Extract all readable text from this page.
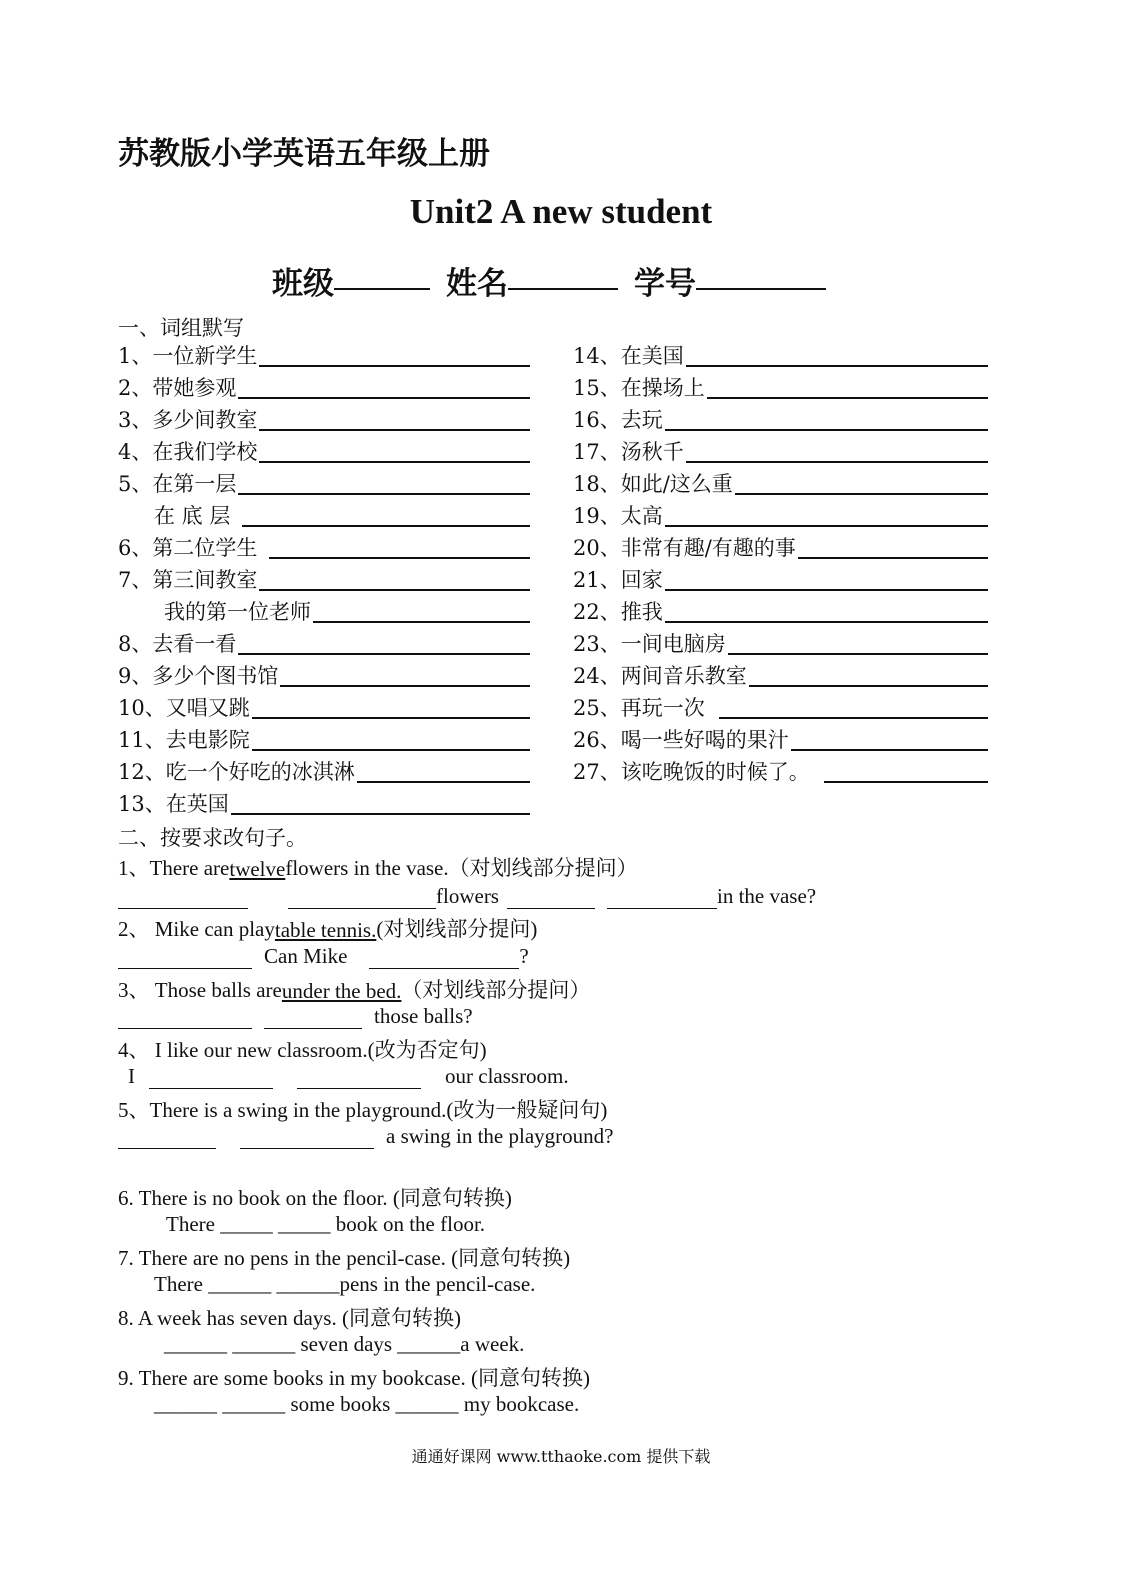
苏教版小学英语五年级上册
Unit2 A new student
班级	姓名	学号
一、词组默写
1、一位新学生
2、带她参观
3、多少间教室
4、在我们学校
5、在第一层
在 底 层
6、第二位学生
7、第三间教室
我的第一位老师
8、去看一看
9、多少个图书馆
10、又唱又跳
11、去电影院
12、吃一个好吃的冰淇淋
13、在英国
14、在美国
15、在操场上
16、去玩
17、汤秋千
18、如此/这么重
19、太高
20、非常有趣/有趣的事
21、回家
22、推我
23、一间电脑房
24、两间音乐教室
25、再玩一次
26、喝一些好喝的果汁
27、该吃晚饭的时候了。
二、按要求改句子。
1、There are twelve flowers in the vase.（对划线部分提问）
flowers	in the vase?
2、 Mike can play table tennis. (对划线部分提问)
Can Mike	?
3、 Those balls are under the bed. （对划线部分提问）
those balls?
4、 I like our new classroom.(改为否定句)
I	our classroom.
5、There is a swing in the playground.(改为一般疑问句)
a swing in the playground?
6. There is no book on the floor. (同意句转换)
There _____ _____ book on the floor.
7. There are no pens in the pencil-case. (同意句转换)
There ______ ______pens in the pencil-case.
8. A week has seven days. (同意句转换)
______ ______ seven days ______a week.
9. There are some books in my bookcase. (同意句转换)
______ ______ some books ______ my bookcase.
通通好课网 www.tthaoke.com 提供下载
